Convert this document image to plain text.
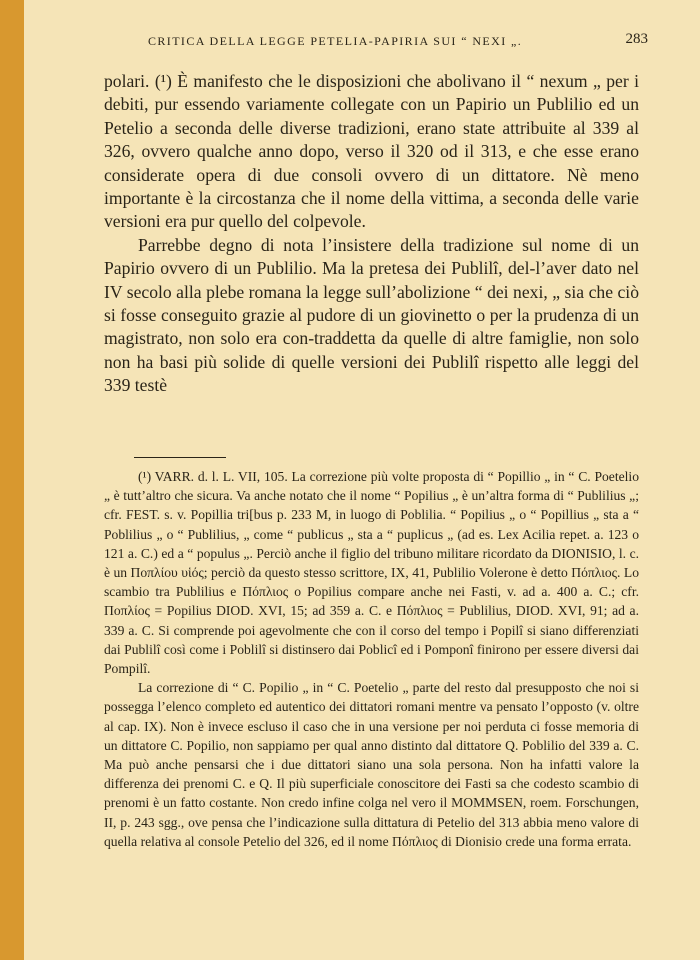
CRITICA DELLA LEGGE PETELIA-PAPIRIA SUI “ NEXI „.	283

polari. (¹) È manifesto che le disposizioni che abolivano il “ nexum „ per i debiti, pur essendo variamente collegate con un Papirio un Publilio ed un Petelio a seconda delle diverse tradizioni, erano state attribuite al 339 al 326, ovvero qualche anno dopo, verso il 320 od il 313, e che esse erano considerate opera di due consoli ovvero di un dittatore. Nè meno importante è la circostanza che il nome della vittima, a seconda delle varie versioni era pur quello del colpevole.

Parrebbe degno di nota l’insistere della tradizione sul nome di un Papirio ovvero di un Publilio. Ma la pretesa dei Publilî, del-l’aver dato nel IV secolo alla plebe romana la legge sull’abolizione “ dei nexi, „ sia che ciò si fosse conseguito grazie al pudore di un giovinetto o per la prudenza di un magistrato, non solo era con-traddetta da quelle di altre famiglie, non solo non ha basi più solide di quelle versioni dei Publilî rispetto alle leggi del 339 testè

(¹) VARR. d. l. L. VII, 105. La correzione più volte proposta di “ Popillio „ in “ C. Poetelio „ è tutt’altro che sicura. Va anche notato che il nome “ Popilius „ è un’altra forma di “ Publilius „; cfr. FEST. s. v. Popillia tri[bus p. 233 M, in luogo di Poblilia. “ Popilius „ o “ Popillius „ sta a “ Poblilius „ o “ Publilius, „ come “ publicus „ sta a “ puplicus „ (ad es. Lex Acilia repet. a. 123 o 121 a. C.) ed a “ populus „. Perciò anche il figlio del tribuno militare ricordato da DIONISIO, l. c. è un Ποπλίου υἱός; perciò da questo stesso scrittore, IX, 41, Publilio Volerone è detto Πόπλιος. Lo scambio tra Publilius e Πόπλιος o Popilius compare anche nei Fasti, v. ad a. 400 a. C.; cfr. Ποπλίος = Popilius DIOD. XVI, 15; ad 359 a. C. e Πόπλιος = Publilius, DIOD. XVI, 91; ad a. 339 a. C. Si comprende poi agevolmente che con il corso del tempo i Popilî si siano differenziati dai Publilî così come i Poblilî si distinsero dai Poblicî ed i Pomponî finirono per essere diversi dai Pompilî.

La correzione di “ C. Popilio „ in “ C. Poetelio „ parte del resto dal presupposto che noi si possegga l’elenco completo ed autentico dei dittatori romani mentre va pensato l’opposto (v. oltre al cap. IX). Non è invece escluso il caso che in una versione per noi perduta ci fosse memoria di un dittatore C. Popilio, non sappiamo per qual anno distinto dal dittatore Q. Poblilio del 339 a. C. Ma può anche pensarsi che i due dittatori siano una sola persona. Non ha infatti valore la differenza dei prenomi C. e Q. Il più superficiale conoscitore dei Fasti sa che codesto scambio di prenomi è un fatto costante. Non credo infine colga nel vero il MOMMSEN, roem. Forschungen, II, p. 243 sgg., ove pensa che l’indicazione sulla dittatura di Petelio del 313 abbia meno valore di quella relativa al console Petelio del 326, ed il nome Πόπλιος di Dionisio crede una forma errata.
